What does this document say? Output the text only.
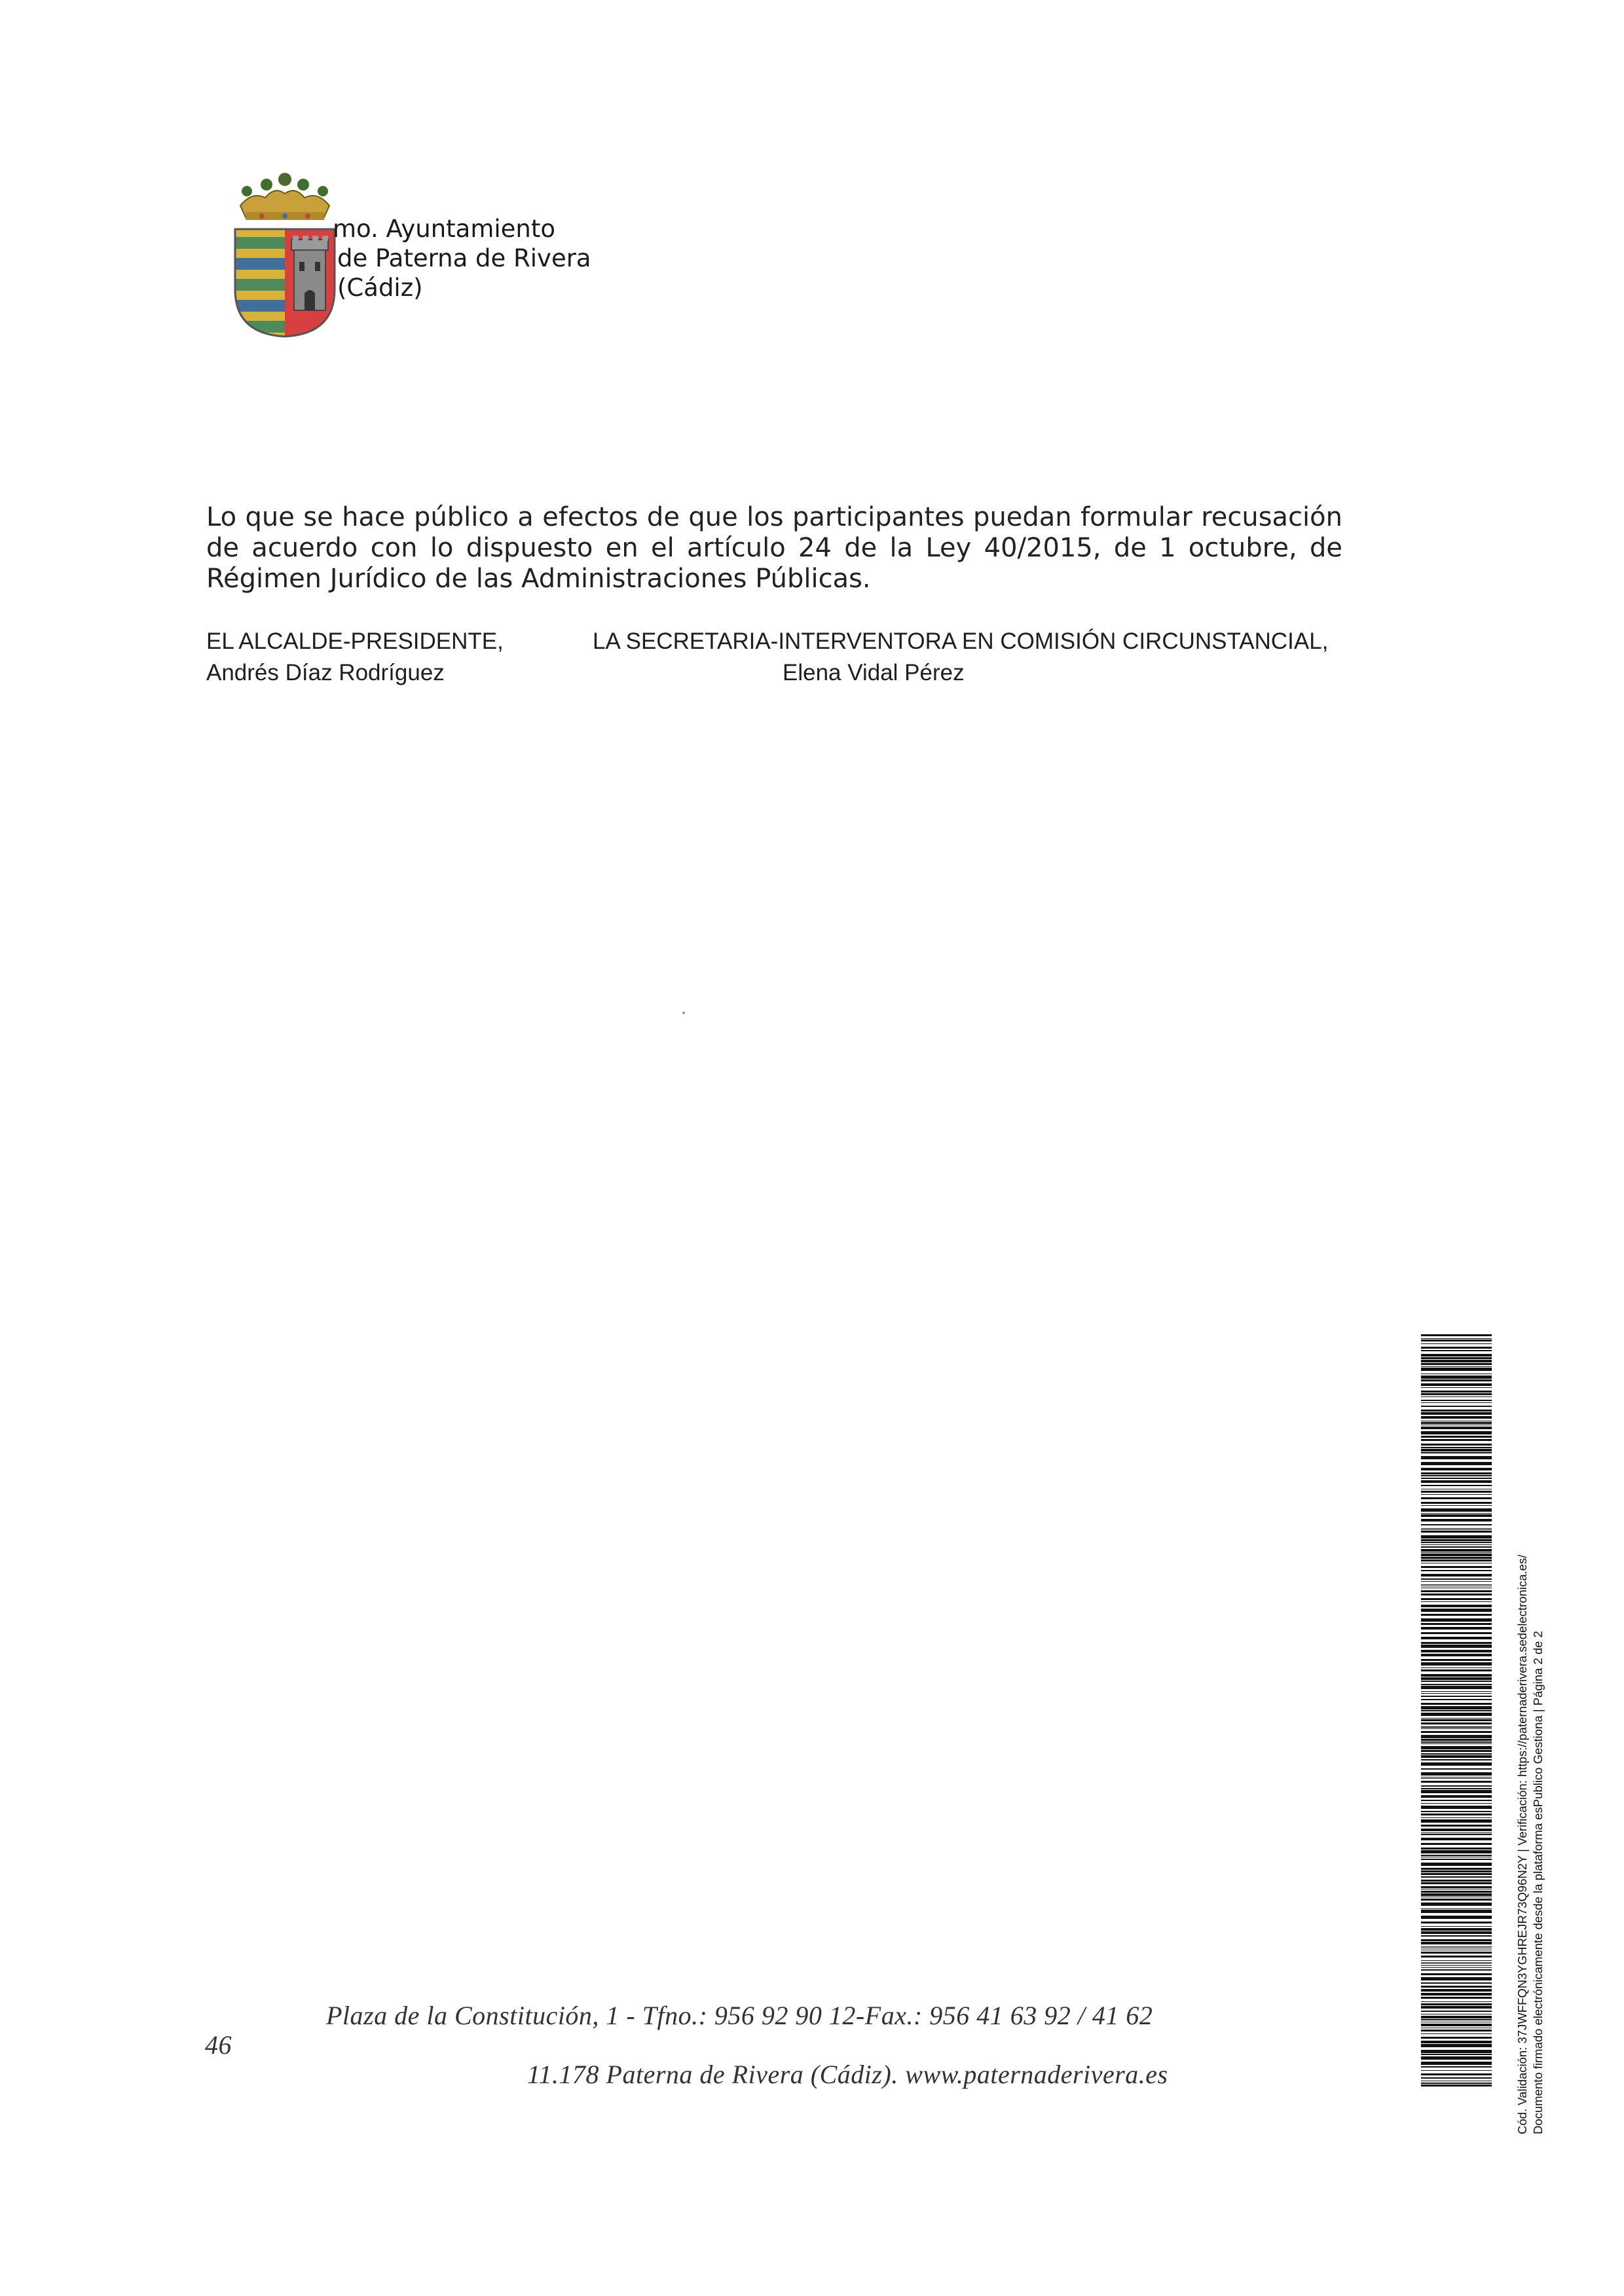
mo. Ayuntamiento
de Paterna de Rivera
(Cádiz)
Lo que se hace público a efectos de que los participantes puedan formular recusación de acuerdo con lo dispuesto en el artículo 24 de la Ley 40/2015, de 1 octubre, de Régimen Jurídico de las Administraciones Públicas.
EL ALCALDE-PRESIDENTE,
Andrés Díaz Rodríguez
LA SECRETARIA-INTERVENTORA EN COMISIÓN CIRCUNSTANCIAL,
Elena Vidal Pérez
46
Plaza de la Constitución, 1 - Tfno.: 956 92 90 12-Fax.: 956 41 63 92 / 41 62
11.178 Paterna de Rivera (Cádiz). www.paternaderivera.es	Cód. Validación: 37JWFFQN3YGHREJR73Q96N2Y | Verificación: https://paternaderivera.sedelectronica.es/ Documento firmado electrónicamente desde la plataforma esPublico Gestiona | Página 2 de 2
